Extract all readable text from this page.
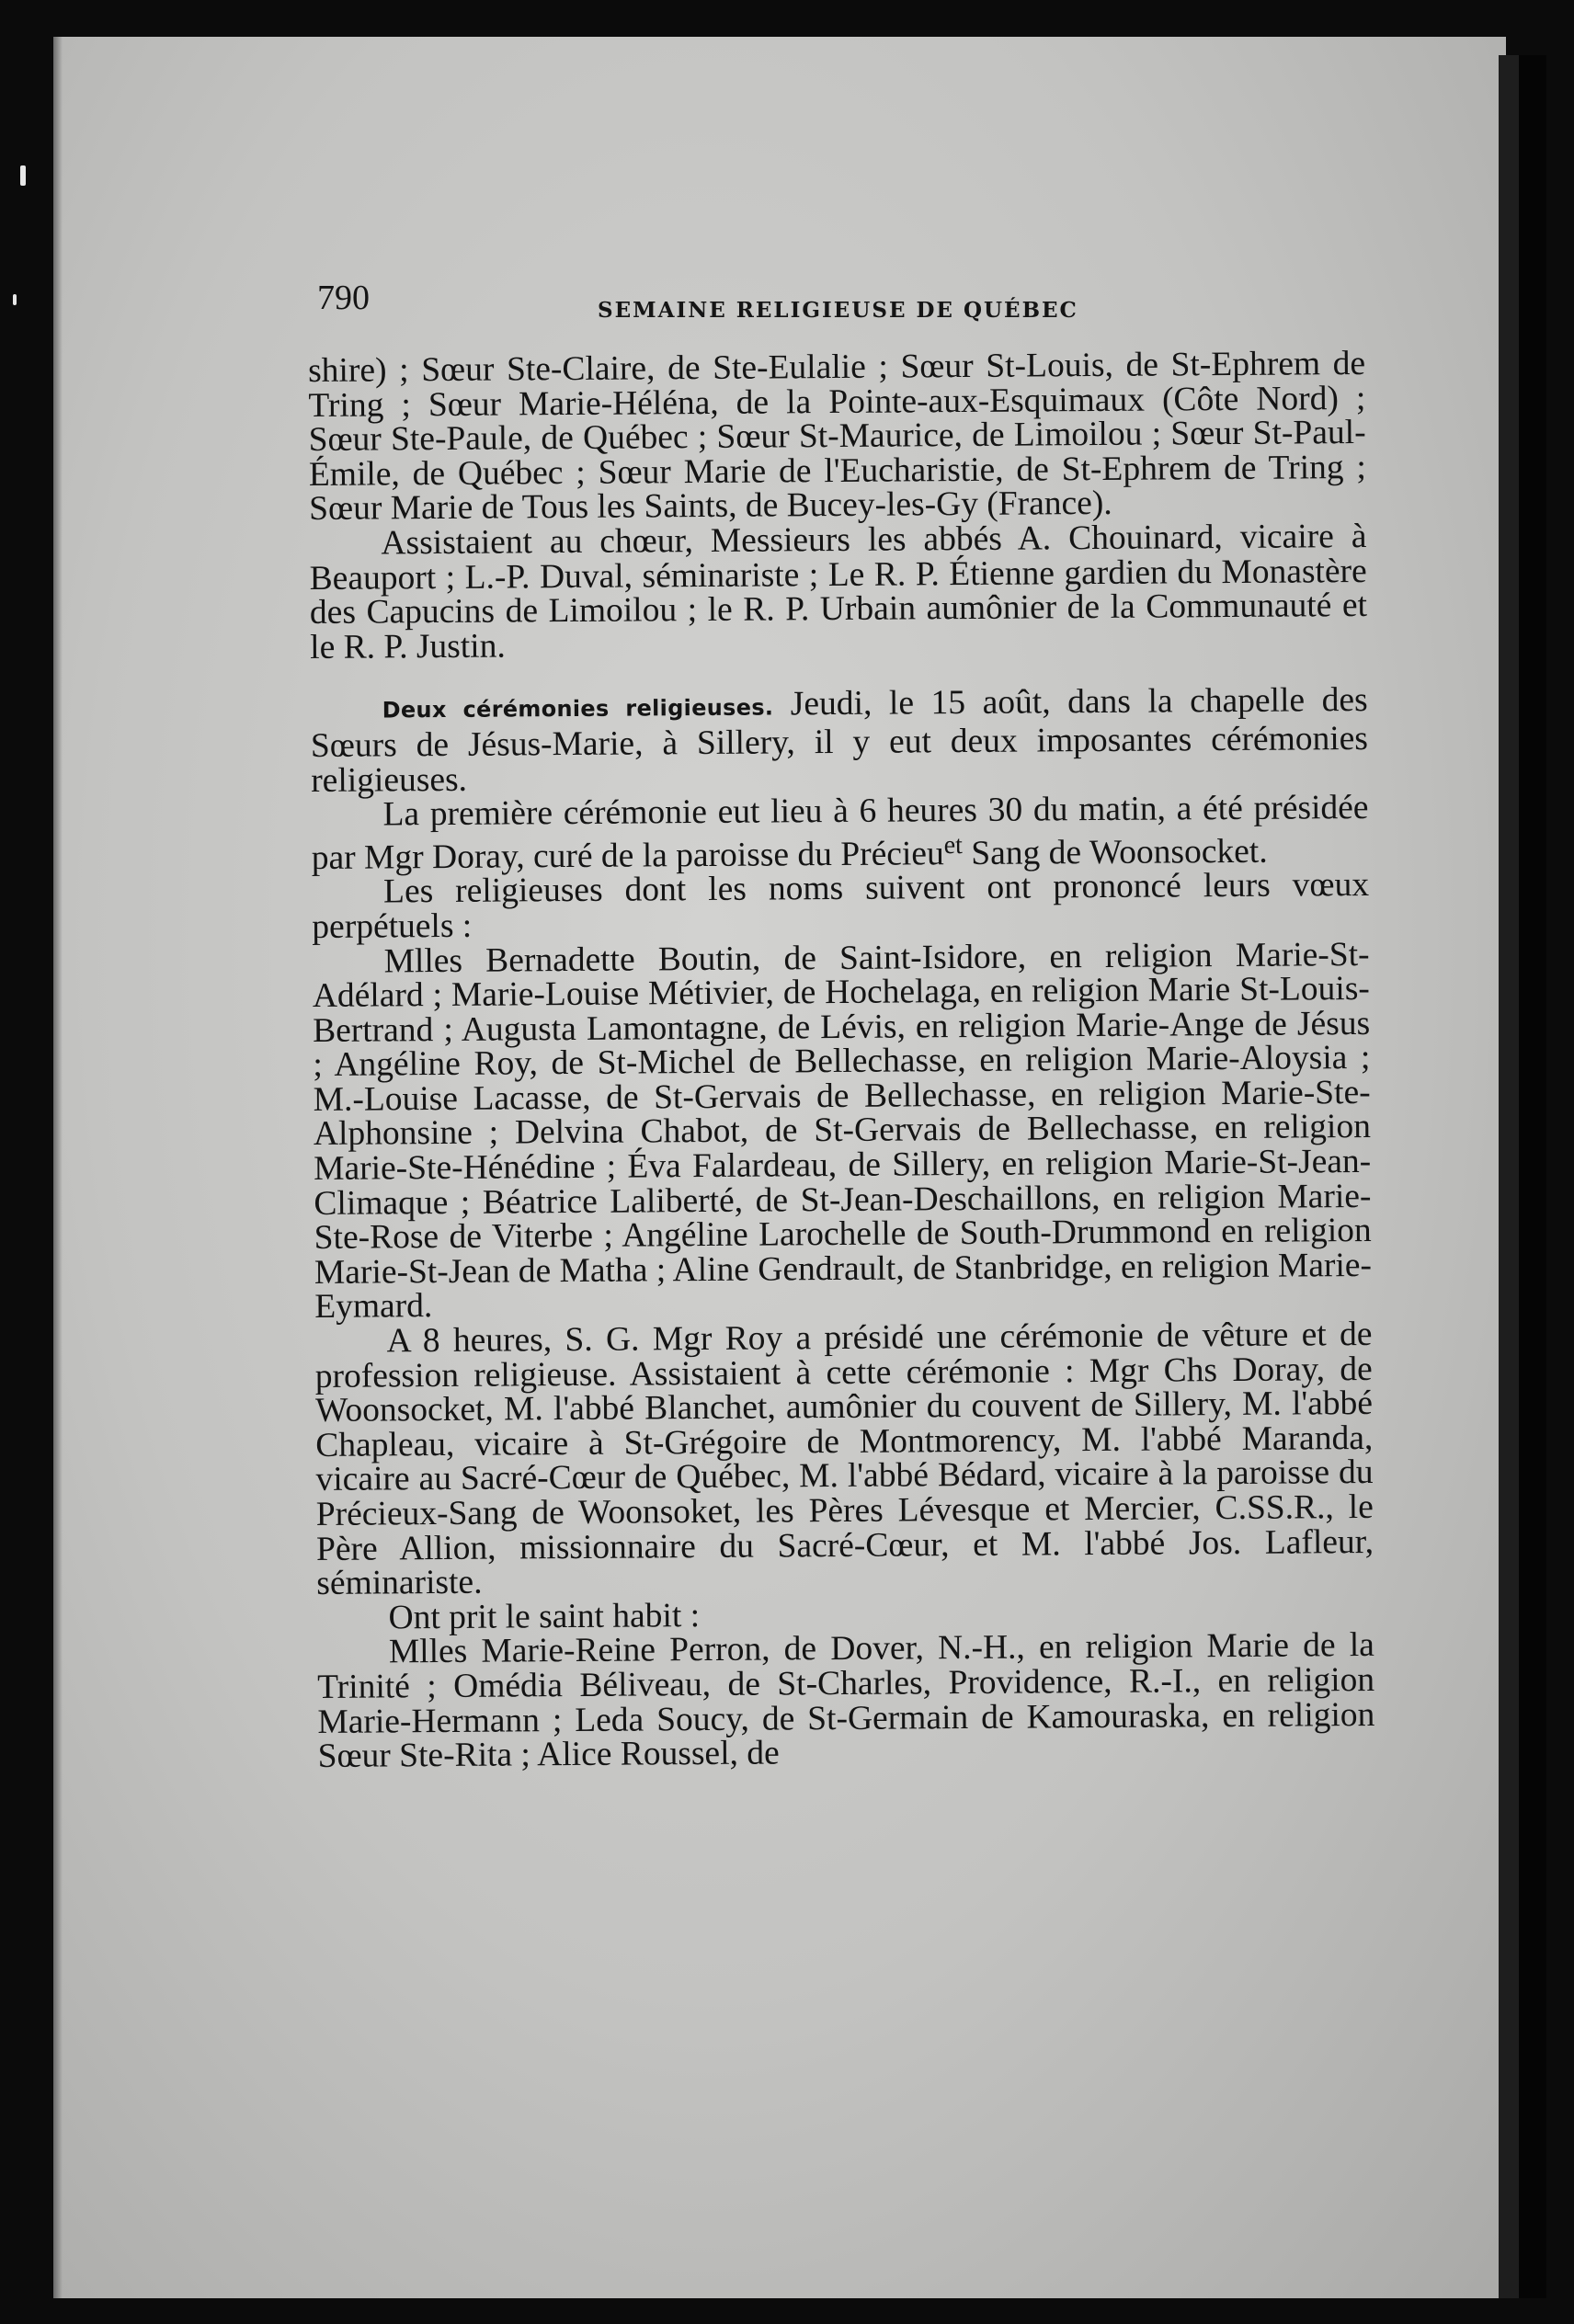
790	SEMAINE RELIGIEUSE DE QUÉBEC

shire) ; Sœur Ste-Claire, de Ste-Eulalie ; Sœur St-Louis, de St-Ephrem de Tring ; Sœur Marie-Héléna, de la Pointe-aux-Esquimaux (Côte Nord) ; Sœur Ste-Paule, de Québec ; Sœur St-Maurice, de Limoilou ; Sœur St-Paul-Émile, de Québec ; Sœur Marie de l'Eucharistie, de St-Ephrem de Tring ; Sœur Marie de Tous les Saints, de Bucey-les-Gy (France).

Assistaient au chœur, Messieurs les abbés A. Chouinard, vicaire à Beauport ; L.-P. Duval, séminariste ; Le R. P. Étienne gardien du Monastère des Capucins de Limoilou ; le R. P. Urbain aumônier de la Communauté et le R. P. Justin.

Deux cérémonies religieuses. Jeudi, le 15 août, dans la chapelle des Sœurs de Jésus-Marie, à Sillery, il y eut deux imposantes cérémonies religieuses.

La première cérémonie eut lieu à 6 heures 30 du matin, a été présidée par Mgr Doray, curé de la paroisse du Précieu$^{et}$ Sang de Woonsocket.

Les religieuses dont les noms suivent ont prononcé leurs vœux perpétuels :

Mlles Bernadette Boutin, de Saint-Isidore, en religion Marie-St-Adélard ; Marie-Louise Métivier, de Hochelaga, en religion Marie St-Louis-Bertrand ; Augusta Lamontagne, de Lévis, en religion Marie-Ange de Jésus ; Angéline Roy, de St-Michel de Bellechasse, en religion Marie-Aloysia ; M.-Louise Lacasse, de St-Gervais de Bellechasse, en religion Marie-Ste-Alphonsine ; Delvina Chabot, de St-Gervais de Bellechasse, en religion Marie-Ste-Hénédine ; Éva Falardeau, de Sillery, en religion Marie-St-Jean-Climaque ; Béatrice Laliberté, de St-Jean-Deschaillons, en religion Marie-Ste-Rose de Viterbe ; Angéline Larochelle de South-Drummond en religion Marie-St-Jean de Matha ; Aline Gendrault, de Stanbridge, en religion Marie-Eymard.

A 8 heures, S. G. Mgr Roy a présidé une cérémonie de vêture et de profession religieuse. Assistaient à cette cérémonie : Mgr Chs Doray, de Woonsocket, M. l'abbé Blanchet, aumônier du couvent de Sillery, M. l'abbé Chapleau, vicaire à St-Grégoire de Montmorency, M. l'abbé Maranda, vicaire au Sacré-Cœur de Québec, M. l'abbé Bédard, vicaire à la paroisse du Précieux-Sang de Woonsoket, les Pères Lévesque et Mercier, C.SS.R., le Père Allion, missionnaire du Sacré-Cœur, et M. l'abbé Jos. Lafleur, séminariste.

Ont prit le saint habit :

Mlles Marie-Reine Perron, de Dover, N.-H., en religion Marie de la Trinité ; Omédia Béliveau, de St-Charles, Providence, R.-I., en religion Marie-Hermann ; Leda Soucy, de St-Germain de Kamouraska, en religion Sœur Ste-Rita ; Alice Roussel, de
